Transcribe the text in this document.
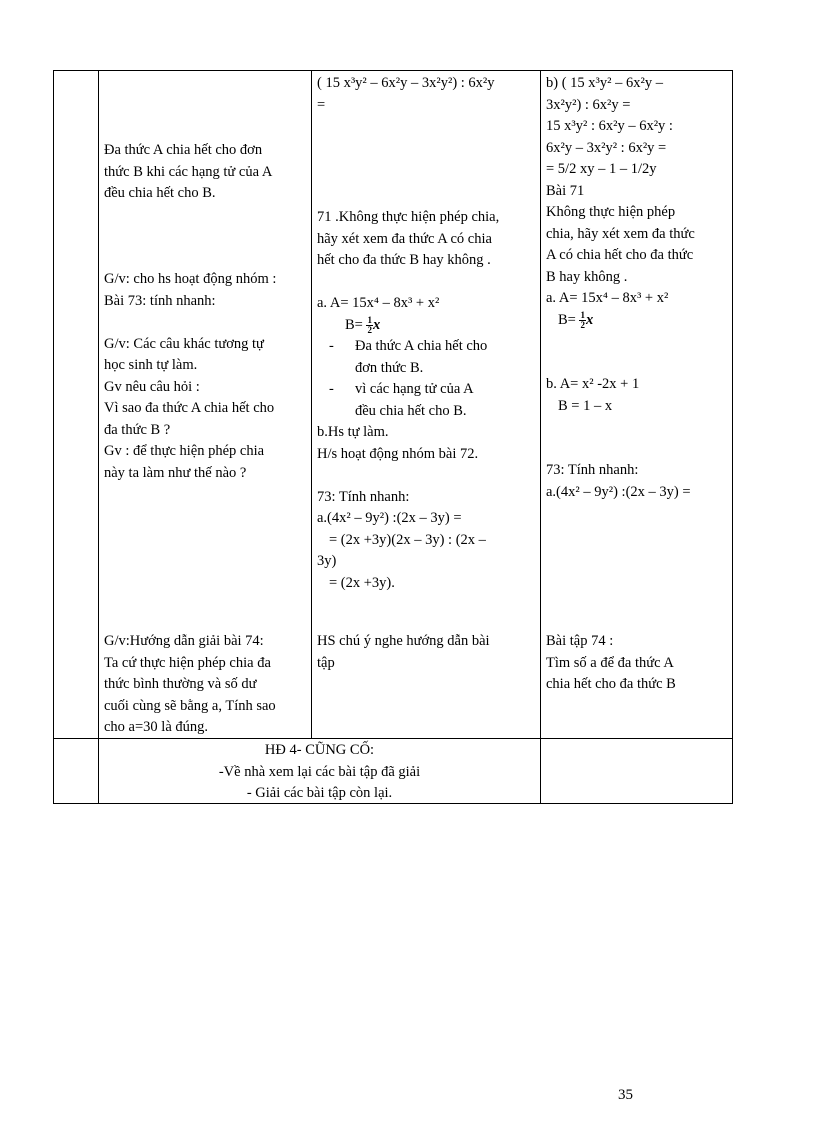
Đa thức A chia hết cho đơn
thức B khi các hạng tử của A
đều chia hết cho B.
G/v: cho hs hoạt động nhóm :
Bài 73: tính nhanh:
G/v: Các câu khác tương tự
học sinh tự làm.
Gv nêu câu hỏi :
Vì sao đa thức A chia hết cho
đa thức B ?
Gv : để thực hiện phép chia
này ta làm như thế nào ?
G/v:Hướng dẫn giải bài 74:
Ta cứ thực hiện phép chia đa
thức bình thường và số dư
cuối cùng sẽ bằng a, Tính sao
cho a=30 là đúng.
( 15 x³y² – 6x²y – 3x²y²) : 6x²y
=
71 .Không thực hiện phép chia,
hãy xét xem đa thức A có chia
hết cho đa thức B hay không .
a. A= 15x⁴ – 8x³ + x²
$B= \frac{1}{2}$ x
- Đa thức A chia hết cho
đơn thức B.
- vì các hạng tử của A
đều chia hết cho B.
b.Hs tự làm.
H/s hoạt động nhóm bài 72.
73: Tính nhanh:
a.(4x² – 9y²) :(2x – 3y) =
= (2x +3y)(2x – 3y) : (2x –
3y)
= (2x +3y).
HS chú ý nghe hướng dẫn bài
tập
b) ( 15 x³y² – 6x²y –
3x²y²) : 6x²y =
15 x³y² : 6x²y – 6x²y :
6x²y – 3x²y² : 6x²y =
= 5/2 xy – 1 – 1/2y
Bài 71
Không thực hiện phép
chia, hãy xét xem đa thức
A có chia hết cho đa thức
B hay không .
a. A= 15x⁴ – 8x³ + x²
$B= \frac{1}{2}$ x
b. A= x² -2x + 1
B = 1 – x
73: Tính nhanh:
a.(4x² – 9y²) :(2x – 3y) =
Bài tập 74 :
Tìm số a để đa thức A
chia hết cho đa thức B
HĐ 4- CŨNG CỐ:
-Về nhà xem lại các bài tập đã giải
- Giải các bài tập còn lại.
35
